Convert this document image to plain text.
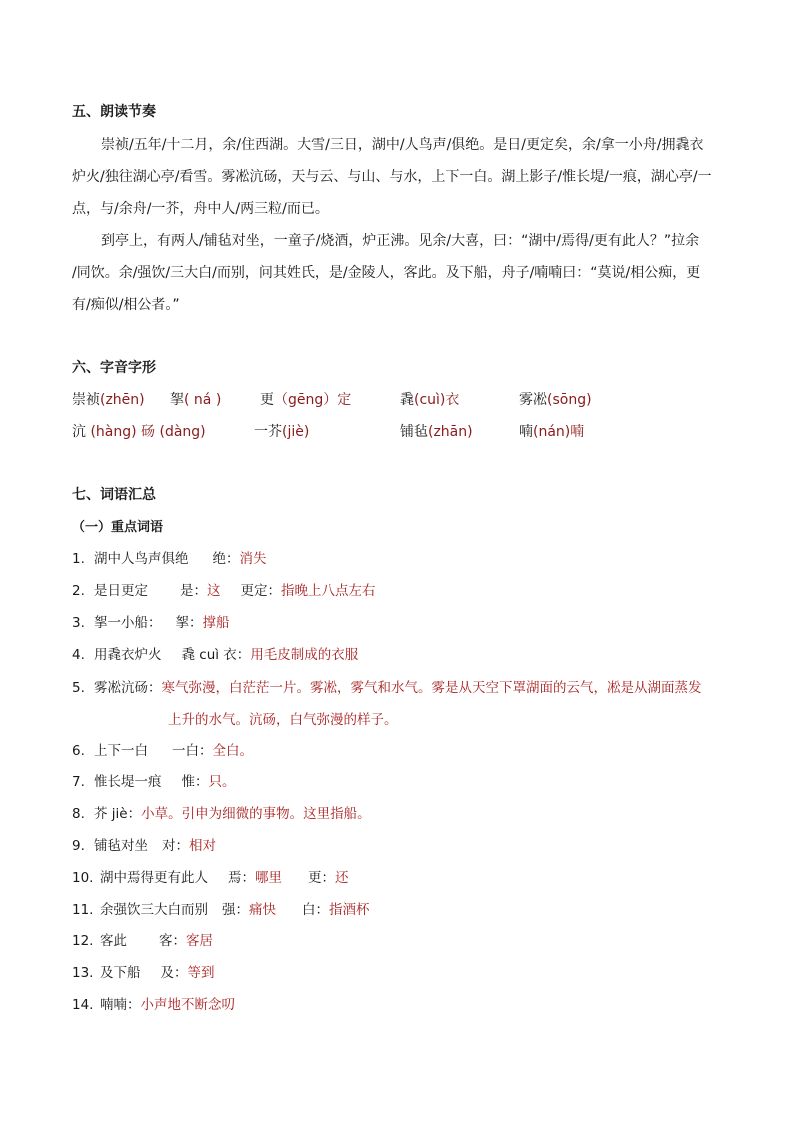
五、朗读节奏
崇祯/五年/十二月，余/住西湖。大雪/三日，湖中/人鸟声/俱绝。是日/更定矣，余/拿一小舟/拥毳衣
炉火/独往湖心亭/看雪。雾凇沆砀，天与云、与山、与水，上下一白。湖上影子/惟长堤/一痕，湖心亭/一
点，与/余舟/一芥，舟中人/两三粒/而已。
到亭上，有两人/铺毡对坐，一童子/烧酒，炉正沸。见余/大喜，曰：“湖中/焉得/更有此人？”拉余
/同饮。余/强饮/三大白/而别，问其姓氏，是/金陵人，客此。及下船，舟子/喃喃曰：“莫说/相公痴，更
有/痴似/相公者。”
六、字音字形
崇祯(zhēn) 挐( ná )	更（gēng）定	毳(cuì)衣	雾凇(sōng)
沆 (hàng) 砀 (dàng)	一芥(jiè)	铺毡(zhān)	喃(nán)喃
七、词语汇总
（一）重点词语
1. 湖中人鸟声俱绝 绝：消失
2. 是日更定 是：这 更定：指晚上八点左右
3. 挐一小船： 挐：撑船
4. 用毳衣炉火 毳 cuì 衣：用毛皮制成的衣服
5. 雾凇沆砀：寒气弥漫，白茫茫一片。雾凇，雾气和水气。雾是从天空下罩湖面的云气，凇是从湖面蒸发
上升的水气。沆砀，白气弥漫的样子。
6. 上下一白 一白：全白。
7. 惟长堤一痕 惟：只。
8. 芥 jiè：小草。引申为细微的事物。这里指船。
9. 铺毡对坐 对：相对
10. 湖中焉得更有此人 焉：哪里 更：还
11. 余强饮三大白而别 强：痛快 白：指酒杯
12. 客此 客：客居
13. 及下船 及：等到
14. 喃喃：小声地不断念叨
